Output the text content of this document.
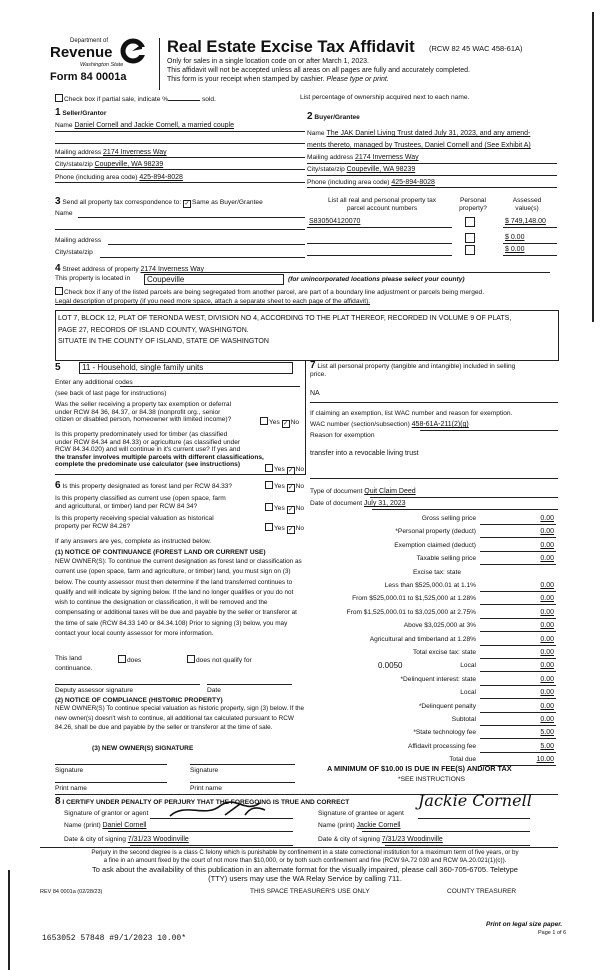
Department of
Revenue
Washington State
Form 84 0001a
Real Estate Excise Tax Affidavit (RCW 82 45 WAC 458-61A)
Only for sales in a single location code on or after March 1, 2023.
This affidavit will not be accepted unless all areas on all pages are fully and accurately completed.
This form is your receipt when stamped by cashier. Please type or print.
Check box if partial sale, indicate %	sold.	List percentage of ownership acquired next to each name.
1 Seller/Grantor
Name Daniel Cornell and Jackie Cornell, a married couple
Mailing address 2174 Inverness Way
City/state/zip Coupeville, WA 98239
Phone (including area code) 425-894-8028
2 Buyer/Grantee
Name The JAK Daniel Living Trust dated July 31, 2023, and any amend-
ments thereto, managed by Trustees, Daniel Cornell and (See Exhibit A)
Mailing address 2174 Inverness Way
City/state/zip Coupeville, WA 98239
Phone (including area code) 425-894-8028
3 Send all property tax correspondence to: ✓ Same as Buyer/Grantee
Name
Mailing address
City/state/zip
List all real and personal property tax
parcel account numbers
Personal
property?
Assessed
value(s)
S830504120070	$ 749,148.00
$ 0.00
$ 0.00
4 Street address of property 2174 Inverness Way
This property is located in	Coupeville	(for unincorporated locations please select your county)
Check box if any of the listed parcels are being segregated from another parcel, are part of a boundary line adjustment or parcels being merged.
Legal description of property (if you need more space, attach a separate sheet to each page of the affidavit).
LOT 7, BLOCK 12, PLAT OF TERONDA WEST, DIVISION NO 4, ACCORDING TO THE PLAT THEREOF, RECORDED IN VOLUME 9 OF PLATS,
PAGE 27, RECORDS OF ISLAND COUNTY, WASHINGTON.
SITUATE IN THE COUNTY OF ISLAND, STATE OF WASHINGTON
5	11 - Household, single family units
Enter any additional codes
(see back of last page for instructions)
Was the seller receiving a property tax exemption or deferral
under RCW 84 36, 84.37, or 84.38 (nonprofit org., senior
citizen or disabled person, homeowner with limited income)?	Yes ✓ No
Is this property predominately used for timber (as classified
under RCW 84.34 and 84.33) or agriculture (as classified under
RCW 84.34.020) and will continue in it's current use? If yes and
the transfer involves multiple parcels with different classifications,
complete the predominate use calculator (see instructions)
Yes ✓ No
6 Is this property designated as forest land per RCW 84.33?	Yes ✓ No
Is this property classified as current use (open space, farm
and agricultural, or timber) land per RCW 84 34?	Yes ✓ No
Is this property receiving special valuation as historical
property per RCW 84.26?	Yes ✓ No
If any answers are yes, complete as instructed below.
(1) NOTICE OF CONTINUANCE (FOREST LAND OR CURRENT USE)
NEW OWNER(S): To continue the current designation as forest land or classification as current use (open space, farm and agriculture, or timber) land, you must sign on (3) below. The county assessor must then determine if the land transferred continues to qualify and will indicate by signing below. If the land no longer qualifies or you do not wish to continue the designation or classification, it will be removed and the compensating or additional taxes will be due and payable by the seller or transferor at the time of sale (RCW 84.33 140 or 84.34.108) Prior to signing (3) below, you may contact your local county assessor for more information.
This land
continuance.
does	does not qualify for
Deputy assessor signature	Date
(2) NOTICE OF COMPLIANCE (HISTORIC PROPERTY)
NEW OWNER(S) To continue special valuation as historic property, sign (3) below. If the new owner(s) doesn't wish to continue, all additional tax calculated pursuant to RCW 84.26, shall be due and payable by the seller or transferor at the time of sale.
(3) NEW OWNER(S) SIGNATURE
Signature	Signature
Print name	Print name
7 List all personal property (tangible and intangible) included in selling
price.
NA
If claiming an exemption, list WAC number and reason for exemption.
WAC number (section/subsection) 458-61A-211(2)(g)
Reason for exemption
transfer into a revocable living trust
Type of document Quit Claim Deed
Date of document July 31, 2023
Gross selling price	0.00
*Personal property (deduct)	0.00
Exemption claimed (deduct)	0.00
Taxable selling price	0.00
Excise tax: state
Less than $525,000.01 at 1.1%	0.00
From $525,000.01 to $1,525,000 at 1.28%	0.00
From $1,525,000.01 to $3,025,000 at 2.75%	0.00
Above $3,025,000 at 3%	0.00
Agricultural and timberland at 1.28%	0.00
Total excise tax: state	0.00
Local
0.0050	0.00
*Delinquent interest: state	0.00
Local	0.00
*Delinquent penalty	0.00
Subtotal	0.00
*State technology fee	5.00
Affidavit processing fee	5.00
Total due	10.00
A MINIMUM OF $10.00 IS DUE IN FEE(S) AND/OR TAX
*SEE INSTRUCTIONS
8 I CERTIFY UNDER PENALTY OF PERJURY THAT THE FOREGOING IS TRUE AND CORRECT
Signature of grantor or agent
Name (print) Daniel Cornell
Date & city of signing 7/31/23 Woodinville
Signature of grantee or agent
Jackie Cornell
Name (print) Jackie Cornell
Date & city of signing 7/31/23 Woodinville
Perjury in the second degree is a class C felony which is punishable by confinement in a state correctional institution for a maximum term of five years, or by
a fine in an amount fixed by the court of not more than $10,000, or by both such confinement and fine (RCW 9A.72 030 and RCW 9A.20.021(1)(c)).
To ask about the availability of this publication in an alternate format for the visually impaired, please call 360-705-6705. Teletype
(TTY) users may use the WA Relay Service by calling 711.
REV 84 0001a (02/28/23)	THIS SPACE TREASURER'S USE ONLY	COUNTY TREASURER
Print on legal size paper.
Page 1 of 6
1653052 57848 #9/1/2023 10.00*
